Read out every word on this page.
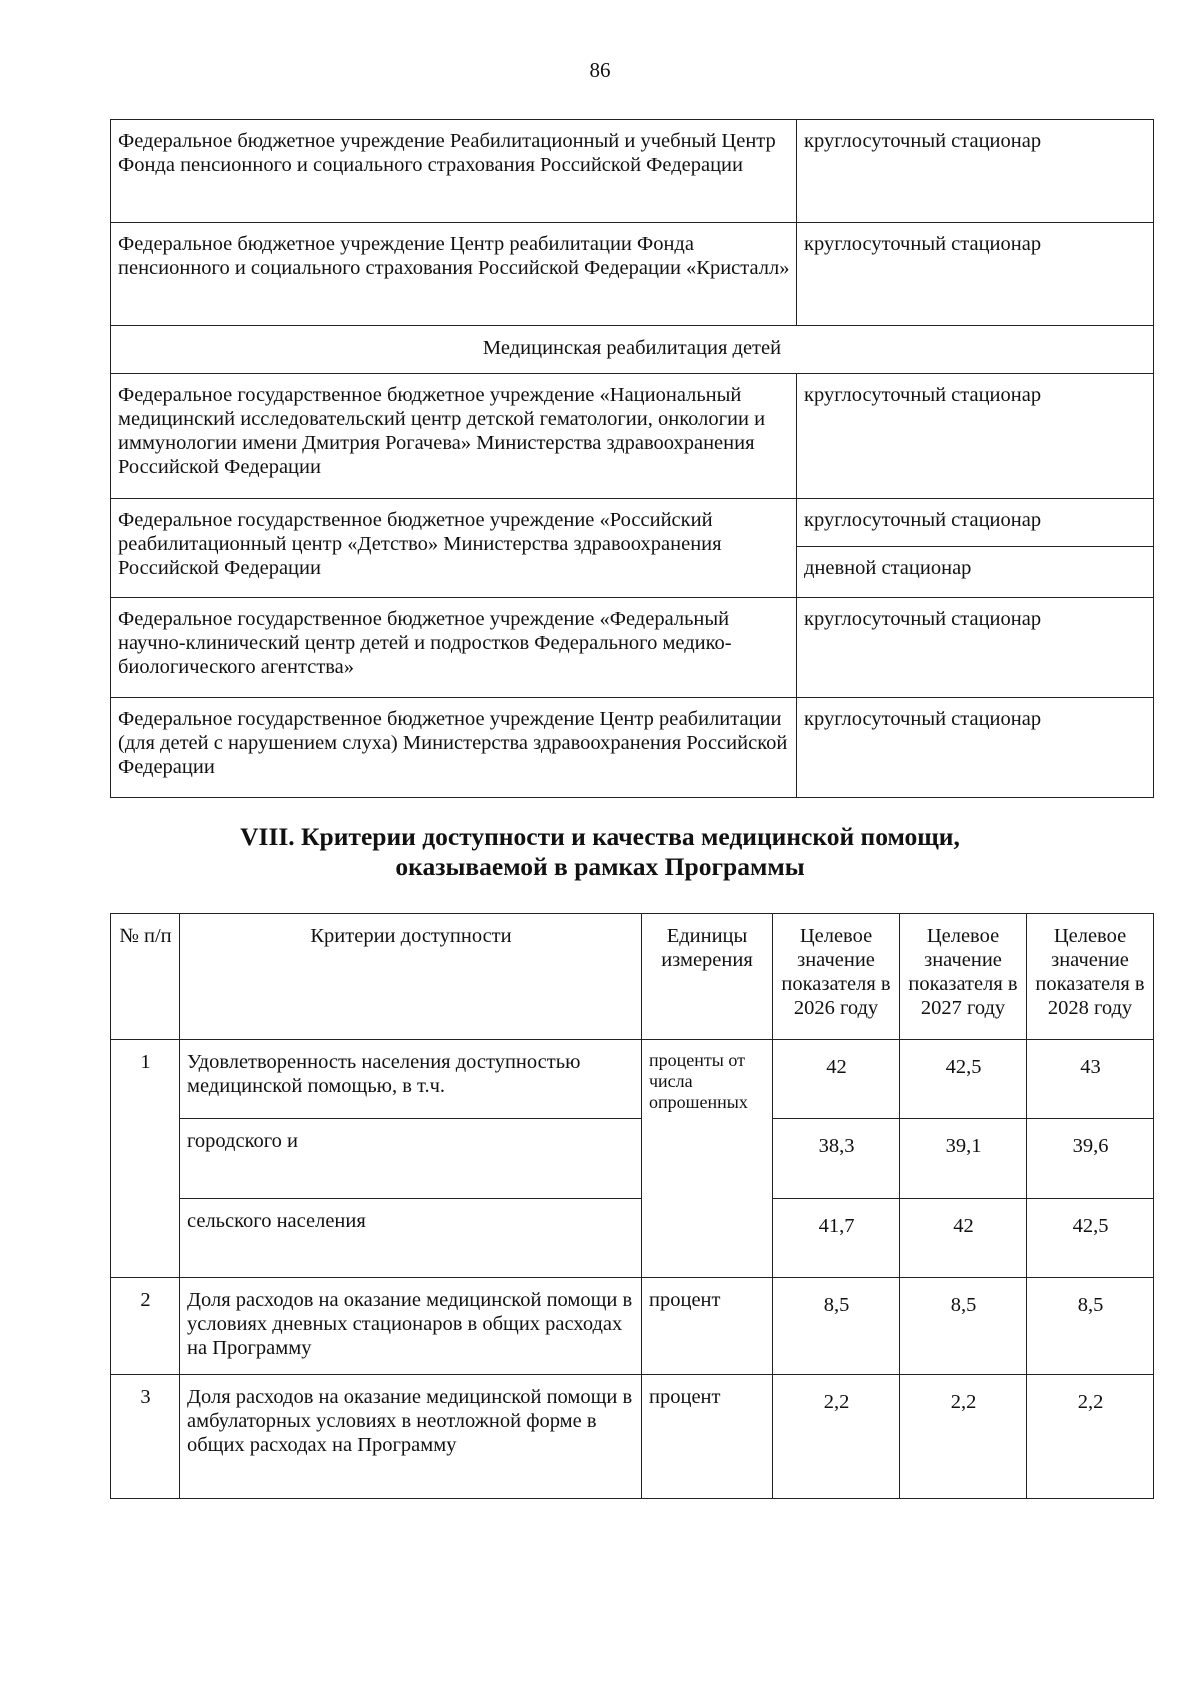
86
Федеральное бюджетное учреждение Реабилитационный и учебный Центр Фонда пенсионного и социального страхования Российской Федерации	круглосуточный стационар
Федеральное бюджетное учреждение Центр реабилитации Фонда пенсионного и социального страхования Российской Федерации «Кристалл»	круглосуточный стационар
Медицинская реабилитация детей	
Федеральное государственное бюджетное учреждение «Национальный медицинский исследовательский центр детской гематологии, онкологии и иммунологии имени Дмитрия Рогачева» Министерства здравоохранения Российской Федерации	круглосуточный стационар
Федеральное государственное бюджетное учреждение «Российский реабилитационный центр «Детство» Министерства здравоохранения Российской Федерации	круглосуточный стационар
	дневной стационар
Федеральное государственное бюджетное учреждение «Федеральный научно-клинический центр детей и подростков Федерального медико-биологического агентства»	круглосуточный стационар
Федеральное государственное бюджетное учреждение Центр реабилитации (для детей с нарушением слуха) Министерства здравоохранения Российской Федерации	круглосуточный стационар
VIII. Критерии доступности и качества медицинской помощи,
оказываемой в рамках Программы
№ п/п	Критерии доступности	Единицы измерения	Целевое значение показателя в 2026 году	Целевое значение показателя в 2027 году	Целевое значение показателя в 2028 году
1	Удовлетворенность населения доступностью медицинской помощью, в т.ч.	проценты от числа опрошенных	42	42,5	43
	городского и		38,3	39,1	39,6
	сельского населения		41,7	42	42,5
2	Доля расходов на оказание медицинской помощи в условиях дневных стационаров в общих расходах на Программу	процент	8,5	8,5	8,5
3	Доля расходов на оказание медицинской помощи в амбулаторных условиях в неотложной форме в общих расходах на Программу	процент	2,2	2,2	2,2
